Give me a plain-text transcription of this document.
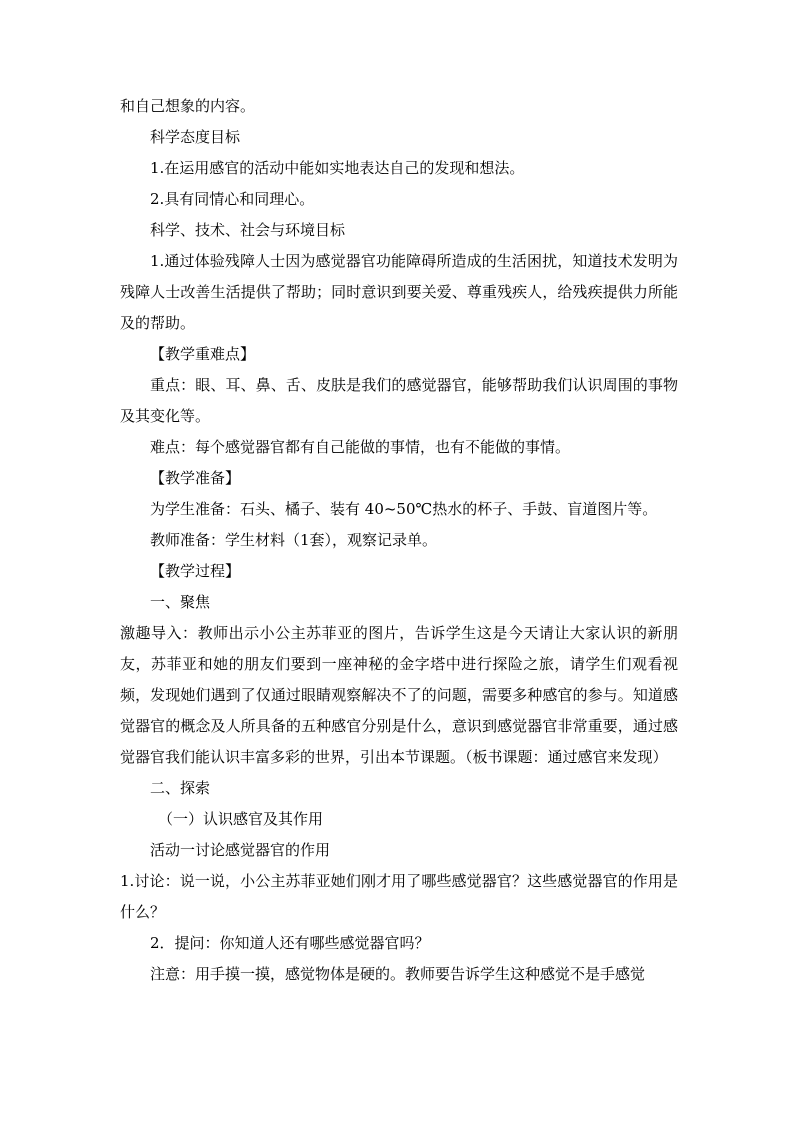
和自己想象的内容。

科学态度目标

1.在运用感官的活动中能如实地表达自己的发现和想法。

2.具有同情心和同理心。

科学、技术、社会与环境目标

1.通过体验残障人士因为感觉器官功能障碍所造成的生活困扰，知道技术发明为残障人士改善生活提供了帮助；同时意识到要关爱、尊重残疾人，给残疾提供力所能及的帮助。

【教学重难点】

重点：眼、耳、鼻、舌、皮肤是我们的感觉器官，能够帮助我们认识周围的事物及其变化等。

难点：每个感觉器官都有自己能做的事情，也有不能做的事情。

【教学准备】

为学生准备：石头、橘子、装有 40~50℃热水的杯子、手鼓、盲道图片等。

教师准备：学生材料（1套），观察记录单。

【教学过程】

一、聚焦

激趣导入：教师出示小公主苏菲亚的图片，告诉学生这是今天请让大家认识的新朋友，苏菲亚和她的朋友们要到一座神秘的金字塔中进行探险之旅，请学生们观看视频，发现她们遇到了仅通过眼睛观察解决不了的问题，需要多种感官的参与。知道感觉器官的概念及人所具备的五种感官分别是什么，意识到感觉器官非常重要，通过感觉器官我们能认识丰富多彩的世界，引出本节课题。（板书课题：通过感官来发现）

二、探索

（一）认识感官及其作用

活动一讨论感觉器官的作用

1.讨论：说一说，小公主苏菲亚她们刚才用了哪些感觉器官？这些感觉器官的作用是什么？

2．提问：你知道人还有哪些感觉器官吗？

注意：用手摸一摸，感觉物体是硬的。教师要告诉学生这种感觉不是手感觉
